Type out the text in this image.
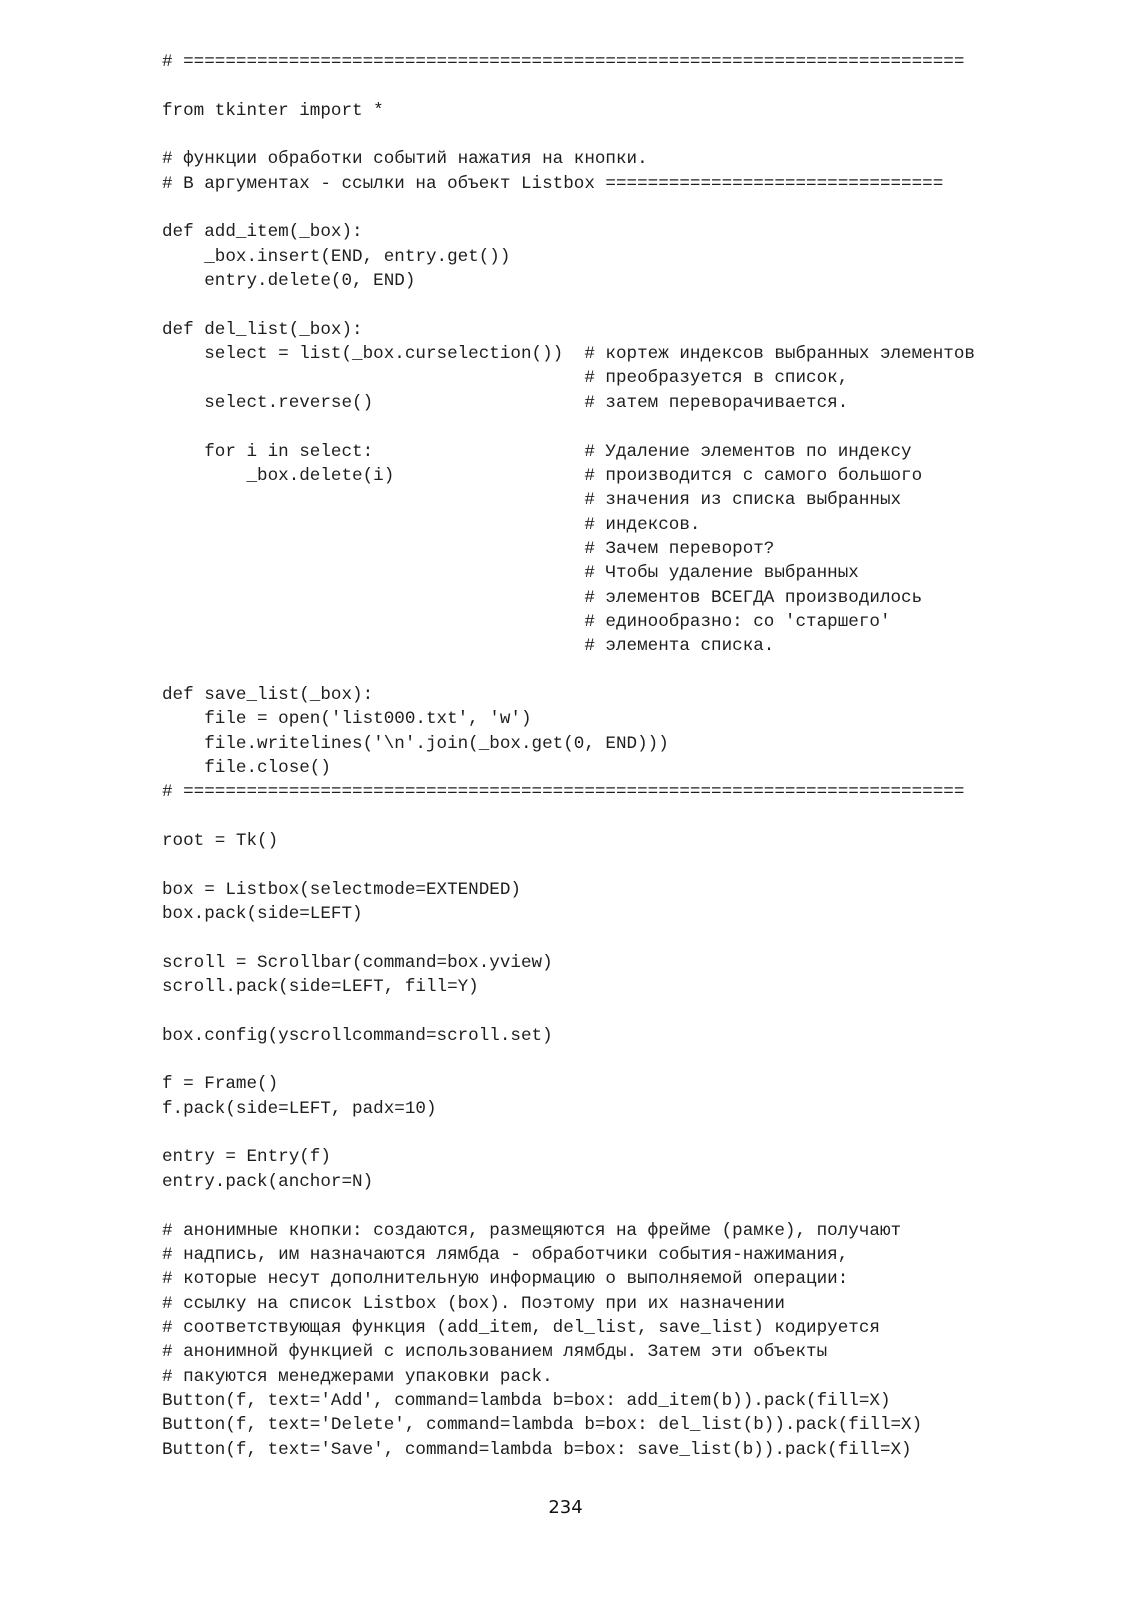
# ==========================================================================

from tkinter import *

# функции обработки событий нажатия на кнопки.
# В аргументах - ссылки на объект Listbox ================================

def add_item(_box):
_box.insert(END, entry.get())
entry.delete(0, END)

def del_list(_box):
select = list(_box.curselection())  # кортеж индексов выбранных элементов
# преобразуется в список,
select.reverse()                    # затем переворачивается.

for i in select:                    # Удаление элементов по индексу
_box.delete(i)                  # производится с самого большого
# значения из списка выбранных
# индексов.
# Зачем переворот?
# Чтобы удаление выбранных
# элементов ВСЕГДА производилось
# единообразно: со 'старшего'
# элемента списка.

def save_list(_box):
file = open('list000.txt', 'w')
file.writelines('\n'.join(_box.get(0, END)))
file.close()
# ==========================================================================

root = Tk()

box = Listbox(selectmode=EXTENDED)
box.pack(side=LEFT)

scroll = Scrollbar(command=box.yview)
scroll.pack(side=LEFT, fill=Y)

box.config(yscrollcommand=scroll.set)

f = Frame()
f.pack(side=LEFT, padx=10)

entry = Entry(f)
entry.pack(anchor=N)

# анонимные кнопки: создаются, размещяются на фрейме (рамке), получают
# надпись, им назначаются лямбда - обработчики события-нажимания,
# которые несут дополнительную информацию о выполняемой операции:
# ссылку на список Listbox (box). Поэтому при их назначении
# соответствующая функция (add_item, del_list, save_list) кодируется
# анонимной функцией с использованием лямбды. Затем эти объекты
# пакуются менеджерами упаковки pack.
Button(f, text='Add', command=lambda b=box: add_item(b)).pack(fill=X)
Button(f, text='Delete', command=lambda b=box: del_list(b)).pack(fill=X)
Button(f, text='Save', command=lambda b=box: save_list(b)).pack(fill=X)
234
